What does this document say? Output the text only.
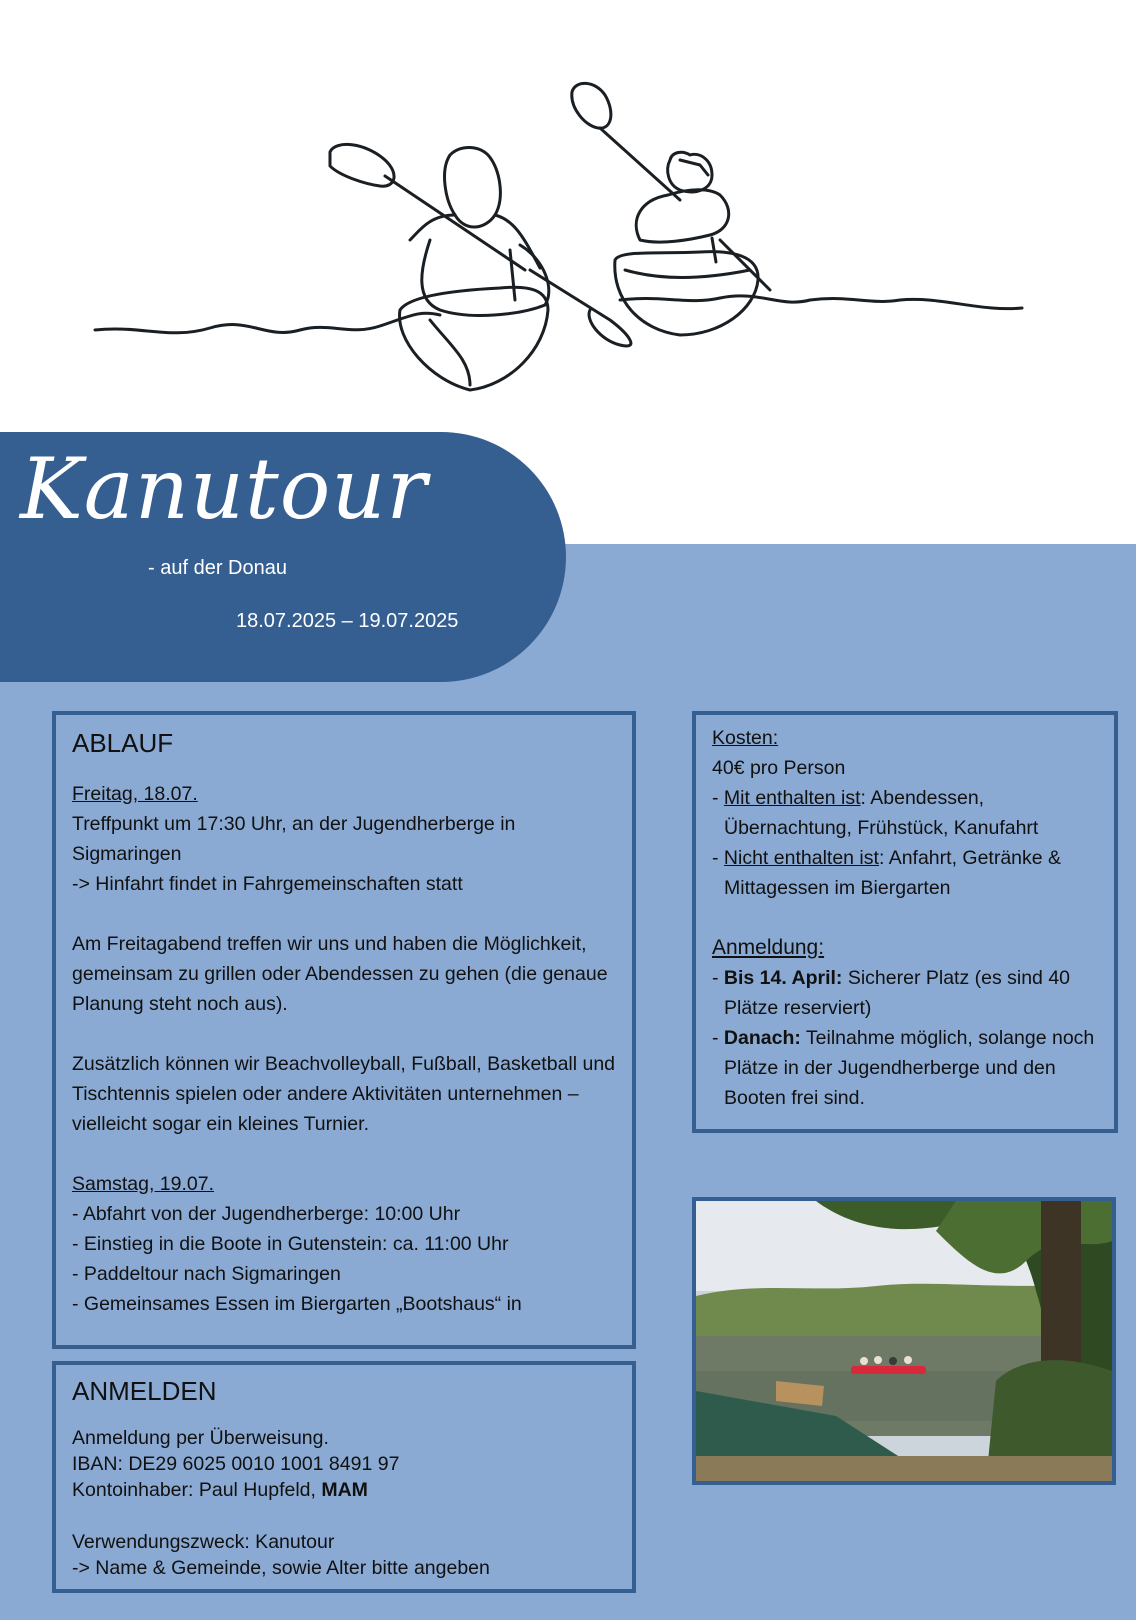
Kanutour
- auf der Donau
18.07.2025 – 19.07.2025
ABLAUF
Freitag, 18.07.
Treffpunkt um 17:30 Uhr, an der Jugendherberge in Sigmaringen
-> Hinfahrt findet in Fahrgemeinschaften statt

Am Freitagabend treffen wir uns und haben die Möglichkeit, gemeinsam zu grillen oder Abendessen zu gehen (die genaue Planung steht noch aus).

Zusätzlich können wir Beachvolleyball, Fußball, Basketball und Tischtennis spielen oder andere Aktivitäten unternehmen – vielleicht sogar ein kleines Turnier.

Samstag, 19.07.
- Abfahrt von der Jugendherberge: 10:00 Uhr
- Einstieg in die Boote in Gutenstein: ca. 11:00 Uhr
- Paddeltour nach Sigmaringen
- Gemeinsames Essen im Biergarten „Bootshaus“ in
ANMELDEN
Anmeldung per Überweisung.
IBAN: DE29 6025 0010 1001 8491 97
Kontoinhaber: Paul Hupfeld, MAM
Verwendungszweck: Kanutour
-> Name & Gemeinde, sowie Alter bitte angeben
Kosten:
40€ pro Person
- Mit enthalten ist: Abendessen, Übernachtung, Frühstück, Kanufahrt
- Nicht enthalten ist: Anfahrt, Getränke & Mittagessen im Biergarten
Anmeldung:
- Bis 14. April: Sicherer Platz (es sind 40 Plätze reserviert)
- Danach: Teilnahme möglich, solange noch Plätze in der Jugendherberge und den Booten frei sind.
